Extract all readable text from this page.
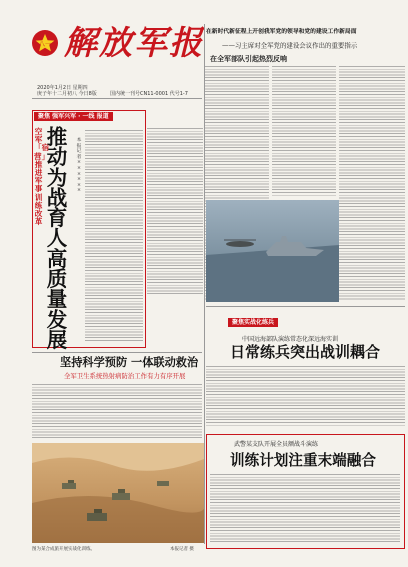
八一 解放军报
2020年1月2日 星期四
庚子年十二月初八 今日8版	国内统一刊号CN11-0001 代号1-7
在新时代新征程上开创我军党的领导和党的建设工作新局面
——习主席对全军党的建设会议作出的重要指示
在全军部队引起热烈反响
聚焦 强军兴军 · 一线 报道
空军「宿营」推进军事训练改革
推动为战育人高质量发展
本报记者 ××× ×××
聚焦实战化练兵
中国远海部队演练常态化深远海实训
日常练兵突出战训耦合
坚持科学预防 一体联动救治
全军卫生系统热射病防治工作有力有序开展
图为某合成旅开展实战化训练。	本报记者 摄
武警某支队开展全员额战斗演练
训练计划注重末端融合
